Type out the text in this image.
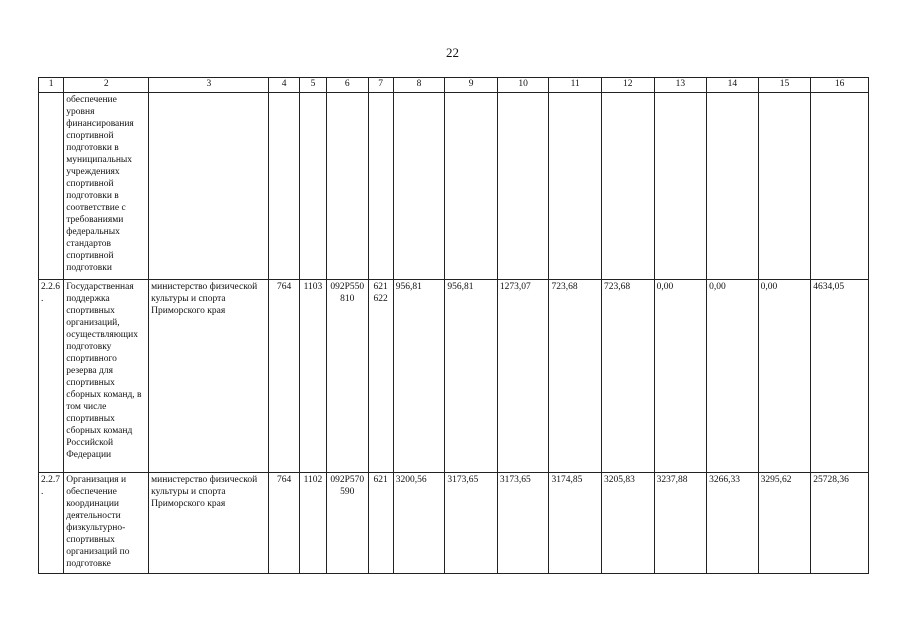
22
1	2	3	4	5	6	7	8	9	10	11	12	13	14	15	16
	обеспечение уровня финансирования спортивной подготовки в муниципальных учреждениях спортивной подготовки в соответствие с требованиями федеральных стандартов спортивной подготовки														
2.2.6.	Государственная поддержка спортивных организаций, осуществляющих подготовку спортивного резерва для спортивных сборных команд, в том числе спортивных сборных команд Российской Федерации	министерство физической культуры и спорта Приморского края	764	1103	092P550810	621 622	956,81	956,81	1273,07	723,68	723,68	0,00	0,00	0,00	4634,05
2.2.7.	Организация и обеспечение координации деятельности физкультурно-спортивных организаций по подготовке	министерство физической культуры и спорта Приморского края	764	1102	092P570590	621	3200,56	3173,65	3173,65	3174,85	3205,83	3237,88	3266,33	3295,62	25728,36
